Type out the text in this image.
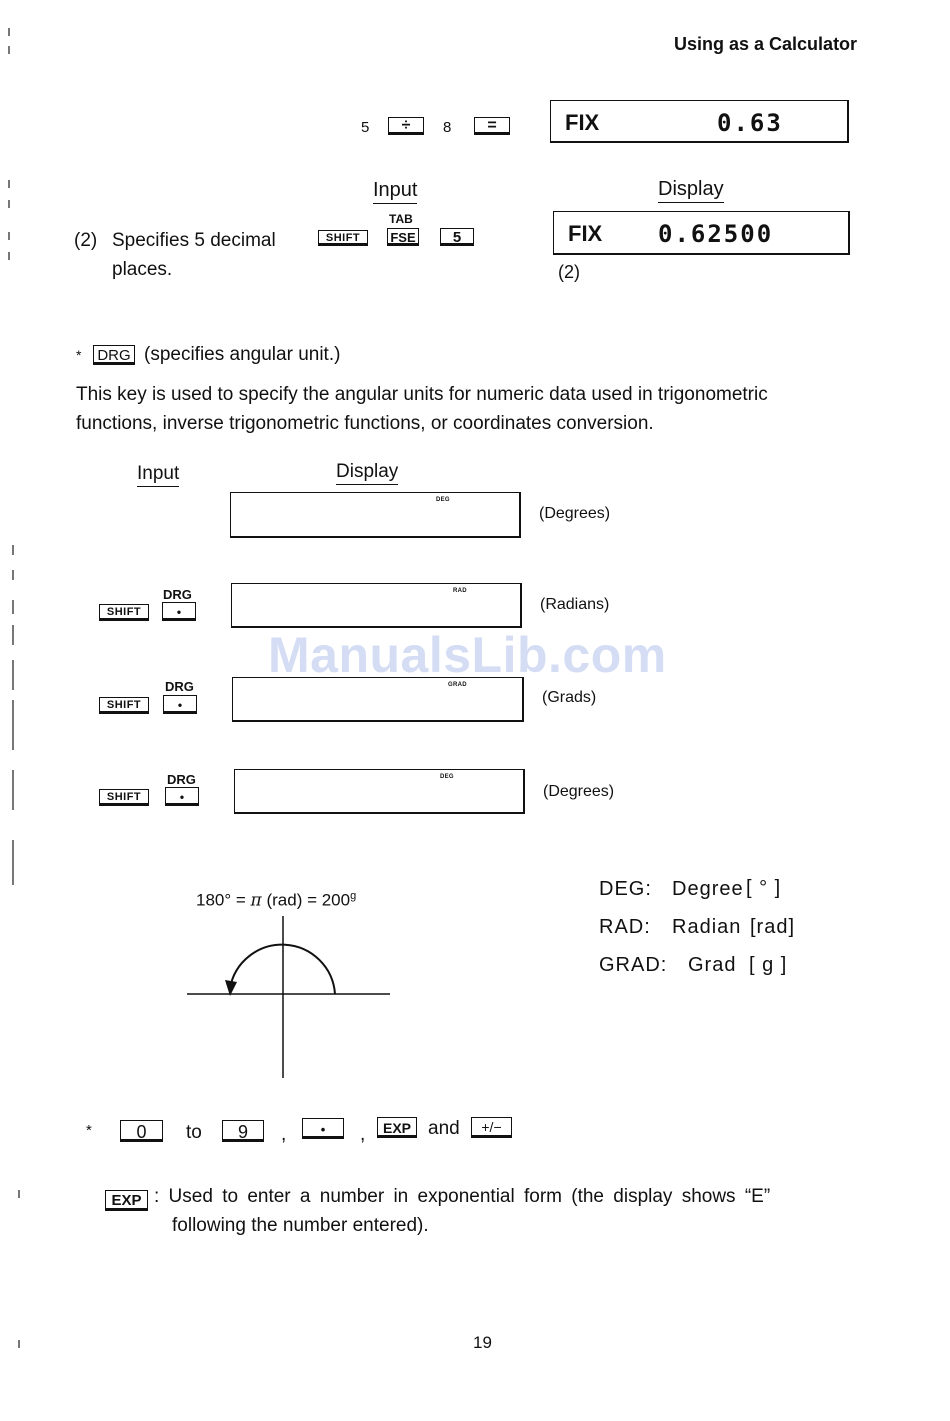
Using as a Calculator
5	÷	8	=	FIX	0.63
Input	Display
(2) Specifies 5 decimal
places.
SHIFT
TAB
FSE	5	FIX 0.62500
(2)
* DRG (specifies angular unit.)
This key is used to specify the angular units for numeric data used in trigonometric
functions, inverse trigonometric functions, or coordinates conversion.
Input	Display
DEG
(Degrees)
DRG
SHIFT	•
RAD
(Radians)
DRG
SHIFT	•
GRAD
(Grads)
DRG
SHIFT	•
DEG
(Degrees)
ManualsLib.com
180° = π $(rad) = 200^g$	DEG: Degree [ ° ]
RAD: Radian [rad]
GRAD: Grad [ g ]
*	0	to	9	,	•	,	EXP and	+/−
EXP : Used to enter a number in exponential form (the display shows “E”
following the number entered).
19
